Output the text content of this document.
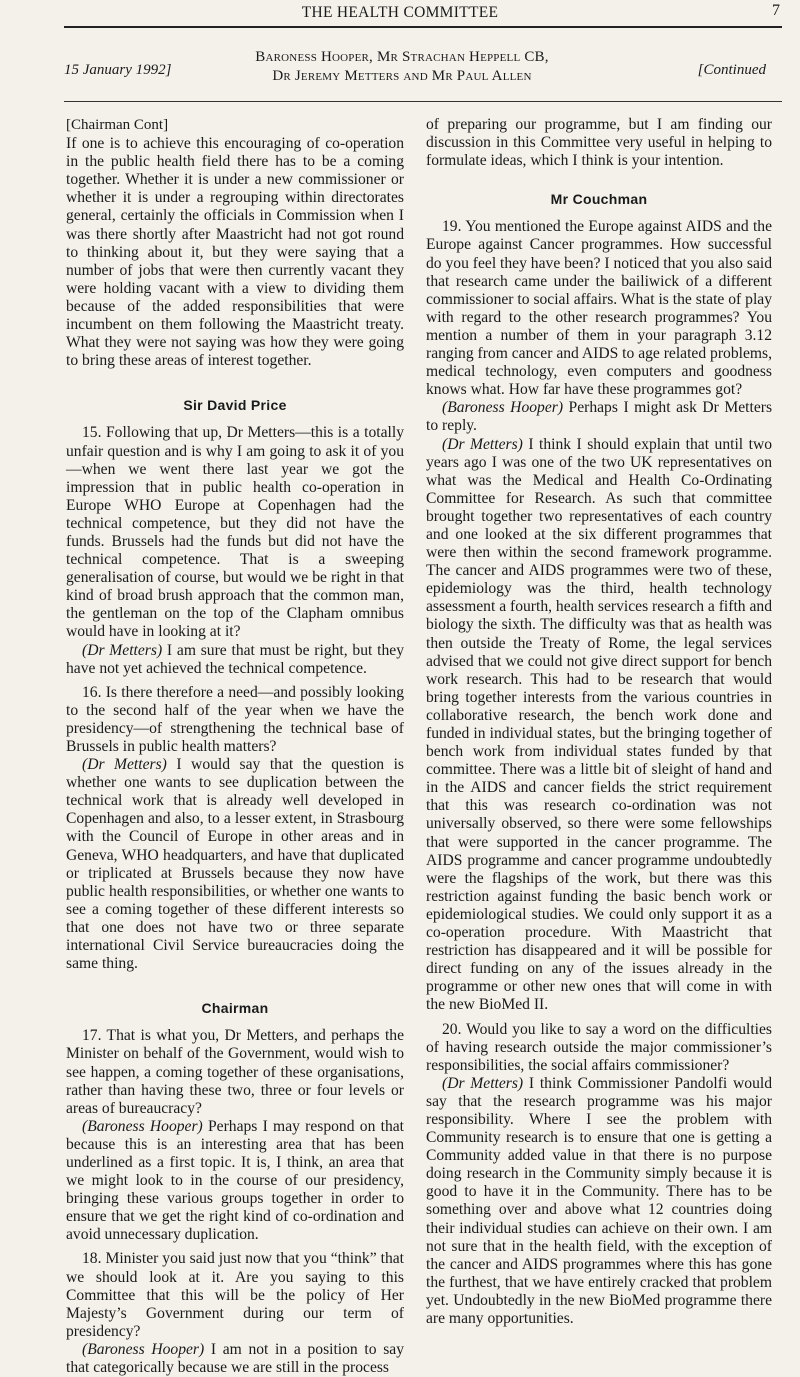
THE HEALTH COMMITTEE	7
15 January 1992]
Baroness Hooper, Mr Strachan Heppell CB,
Dr Jeremy Metters and Mr Paul Allen	[Continued
[Chairman Cont]

If one is to achieve this encouraging of co-operation in the public health field there has to be a coming together. Whether it is under a new commissioner or whether it is under a regrouping within directorates general, certainly the officials in Commission when I was there shortly after Maastricht had not got round to thinking about it, but they were saying that a number of jobs that were then currently vacant they were holding vacant with a view to dividing them because of the added responsibilities that were incumbent on them following the Maastricht treaty. What they were not saying was how they were going to bring these areas of interest together.

Sir David Price

15. Following that up, Dr Metters—this is a totally unfair question and is why I am going to ask it of you—when we went there last year we got the impression that in public health co-operation in Europe WHO Europe at Copenhagen had the technical competence, but they did not have the funds. Brussels had the funds but did not have the technical competence. That is a sweeping generalisation of course, but would we be right in that kind of broad brush approach that the common man, the gentleman on the top of the Clapham omnibus would have in looking at it?

(Dr Metters) I am sure that must be right, but they have not yet achieved the technical competence.

16. Is there therefore a need—and possibly looking to the second half of the year when we have the presidency—of strengthening the technical base of Brussels in public health matters?

(Dr Metters) I would say that the question is whether one wants to see duplication between the technical work that is already well developed in Copenhagen and also, to a lesser extent, in Strasbourg with the Council of Europe in other areas and in Geneva, WHO headquarters, and have that duplicated or triplicated at Brussels because they now have public health responsibilities, or whether one wants to see a coming together of these different interests so that one does not have two or three separate international Civil Service bureaucracies doing the same thing.

Chairman

17. That is what you, Dr Metters, and perhaps the Minister on behalf of the Government, would wish to see happen, a coming together of these organisations, rather than having these two, three or four levels or areas of bureaucracy?

(Baroness Hooper) Perhaps I may respond on that because this is an interesting area that has been underlined as a first topic. It is, I think, an area that we might look to in the course of our presidency, bringing these various groups together in order to ensure that we get the right kind of co-ordination and avoid unnecessary duplication.

18. Minister you said just now that you “think” that we should look at it. Are you saying to this Committee that this will be the policy of Her Majesty’s Government during our term of presidency?

(Baroness Hooper) I am not in a position to say that categorically because we are still in the process

of preparing our programme, but I am finding our discussion in this Committee very useful in helping to formulate ideas, which I think is your intention.

Mr Couchman

19. You mentioned the Europe against AIDS and the Europe against Cancer programmes. How successful do you feel they have been? I noticed that you also said that research came under the bailiwick of a different commissioner to social affairs. What is the state of play with regard to the other research programmes? You mention a number of them in your paragraph 3.12 ranging from cancer and AIDS to age related problems, medical technology, even computers and goodness knows what. How far have these programmes got?

(Baroness Hooper) Perhaps I might ask Dr Metters to reply.

(Dr Metters) I think I should explain that until two years ago I was one of the two UK representatives on what was the Medical and Health Co-Ordinating Committee for Research. As such that committee brought together two representatives of each country and one looked at the six different programmes that were then within the second framework programme. The cancer and AIDS programmes were two of these, epidemiology was the third, health technology assessment a fourth, health services research a fifth and biology the sixth. The difficulty was that as health was then outside the Treaty of Rome, the legal services advised that we could not give direct support for bench work research. This had to be research that would bring together interests from the various countries in collaborative research, the bench work done and funded in individual states, but the bringing together of bench work from individual states funded by that committee. There was a little bit of sleight of hand and in the AIDS and cancer fields the strict requirement that this was research co-ordination was not universally observed, so there were some fellowships that were supported in the cancer programme. The AIDS programme and cancer programme undoubtedly were the flagships of the work, but there was this restriction against funding the basic bench work or epidemiological studies. We could only support it as a co-operation procedure. With Maastricht that restriction has disappeared and it will be possible for direct funding on any of the issues already in the programme or other new ones that will come in with the new BioMed II.

20. Would you like to say a word on the difficulties of having research outside the major commissioner’s responsibilities, the social affairs commissioner?

(Dr Metters) I think Commissioner Pandolfi would say that the research programme was his major responsibility. Where I see the problem with Community research is to ensure that one is getting a Community added value in that there is no purpose doing research in the Community simply because it is good to have it in the Community. There has to be something over and above what 12 countries doing their individual studies can achieve on their own. I am not sure that in the health field, with the exception of the cancer and AIDS programmes where this has gone the furthest, that we have entirely cracked that problem yet. Undoubtedly in the new BioMed programme there are many opportunities.
